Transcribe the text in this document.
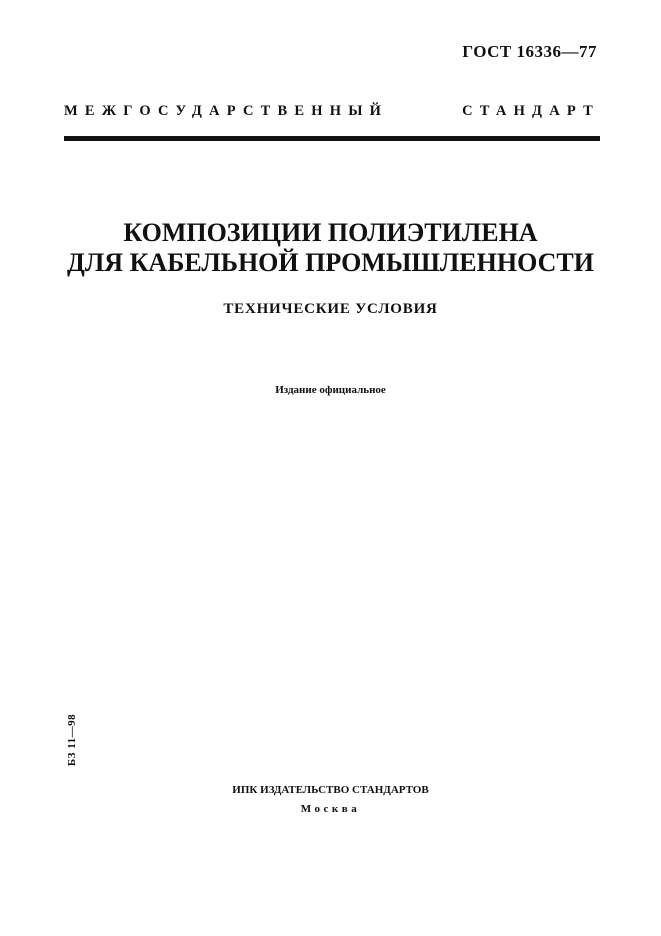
ГОСТ 16336—77
МЕЖГОСУДАРСТВЕННЫЙ СТАНДАРТ
КОМПОЗИЦИИ ПОЛИЭТИЛЕНА
ДЛЯ КАБЕЛЬНОЙ ПРОМЫШЛЕННОСТИ
ТЕХНИЧЕСКИЕ УСЛОВИЯ
Издание официальное
БЗ 11—98
ИПК ИЗДАТЕЛЬСТВО СТАНДАРТОВ
Москва
